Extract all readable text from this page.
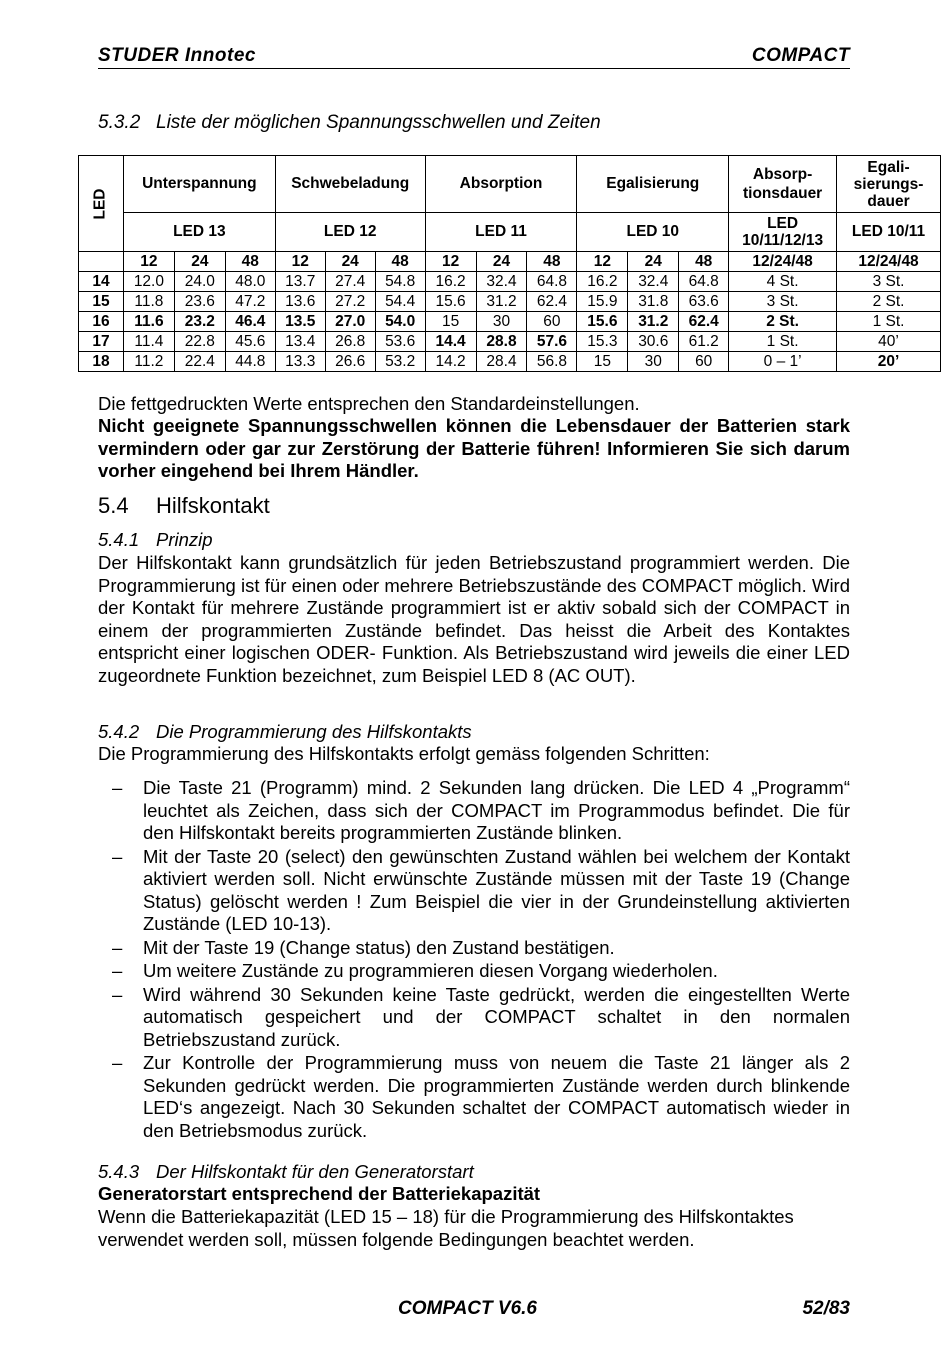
STUDER Innotec	COMPACT
5.3.2 Liste der möglichen Spannungsschwellen und Zeiten
LED	Unterspannung			Schwebeladung			Absorption			Egalisierung			Absorp-
tionsdauer	Egali-
sierungs-
dauer
	LED 13			LED 12			LED 11			LED 10			LED
10/11/12/13	LED 10/11
	12	24	48	12	24	48	12	24	48	12	24	48	12/24/48	12/24/48
14	12.0	24.0	48.0	13.7	27.4	54.8	16.2	32.4	64.8	16.2	32.4	64.8	4 St.	3 St.
15	11.8	23.6	47.2	13.6	27.2	54.4	15.6	31.2	62.4	15.9	31.8	63.6	3 St.	2 St.
16	11.6	23.2	46.4	13.5	27.0	54.0	15	30	60	15.6	31.2	62.4	2 St.	1 St.
17	11.4	22.8	45.6	13.4	26.8	53.6	14.4	28.8	57.6	15.3	30.6	61.2	1 St.	40’
18	11.2	22.4	44.8	13.3	26.6	53.2	14.2	28.4	56.8	15	30	60	0 – 1’	20’
Die fettgedruckten Werte entsprechen den Standardeinstellungen.
Nicht geeignete Spannungsschwellen können die Lebensdauer der Batterien stark vermindern oder gar zur Zerstörung der Batterie führen! Informieren Sie sich darum vorher eingehend bei Ihrem Händler.
5.4 Hilfskontakt
5.4.1 Prinzip
Der Hilfskontakt kann grundsätzlich für jeden Betriebszustand programmiert werden. Die Programmierung ist für einen oder mehrere Betriebszustände des COMPACT möglich. Wird der Kontakt für mehrere Zustände programmiert ist er aktiv sobald sich der COMPACT in einem der programmierten Zustände befindet. Das heisst die Arbeit des Kontaktes entspricht einer logischen ODER- Funktion. Als Betriebszustand wird jeweils die einer LED zugeordnete Funktion bezeichnet, zum Beispiel LED 8 (AC OUT).
5.4.2 Die Programmierung des Hilfskontakts
Die Programmierung des Hilfskontakts erfolgt gemäss folgenden Schritten:
– Die Taste 21 (Programm) mind. 2 Sekunden lang drücken. Die LED 4 „Programm“ leuchtet als Zeichen, dass sich der COMPACT im Programmodus befindet. Die für den Hilfskontakt bereits programmierten Zustände blinken.
– Mit der Taste 20 (select) den gewünschten Zustand wählen bei welchem der Kontakt aktiviert werden soll. Nicht erwünschte Zustände müssen mit der Taste 19 (Change Status) gelöscht werden ! Zum Beispiel die vier in der Grundeinstellung aktivierten Zustände (LED 10-13).
– Mit der Taste 19 (Change status) den Zustand bestätigen.
– Um weitere Zustände zu programmieren diesen Vorgang wiederholen.
– Wird während 30 Sekunden keine Taste gedrückt, werden die eingestellten Werte automatisch gespeichert und der COMPACT schaltet in den normalen Betriebszustand zurück.
– Zur Kontrolle der Programmierung muss von neuem die Taste 21 länger als 2 Sekunden gedrückt werden. Die programmierten Zustände werden durch blinkende LED‘s angezeigt. Nach 30 Sekunden schaltet der COMPACT automatisch wieder in den Betriebsmodus zurück.
5.4.3 Der Hilfskontakt für den Generatorstart
Generatorstart entsprechend der Batteriekapazität
Wenn die Batteriekapazität (LED 15 – 18) für die Programmierung des Hilfskontaktes verwendet werden soll, müssen folgende Bedingungen beachtet werden.
COMPACT V6.6	52/83
